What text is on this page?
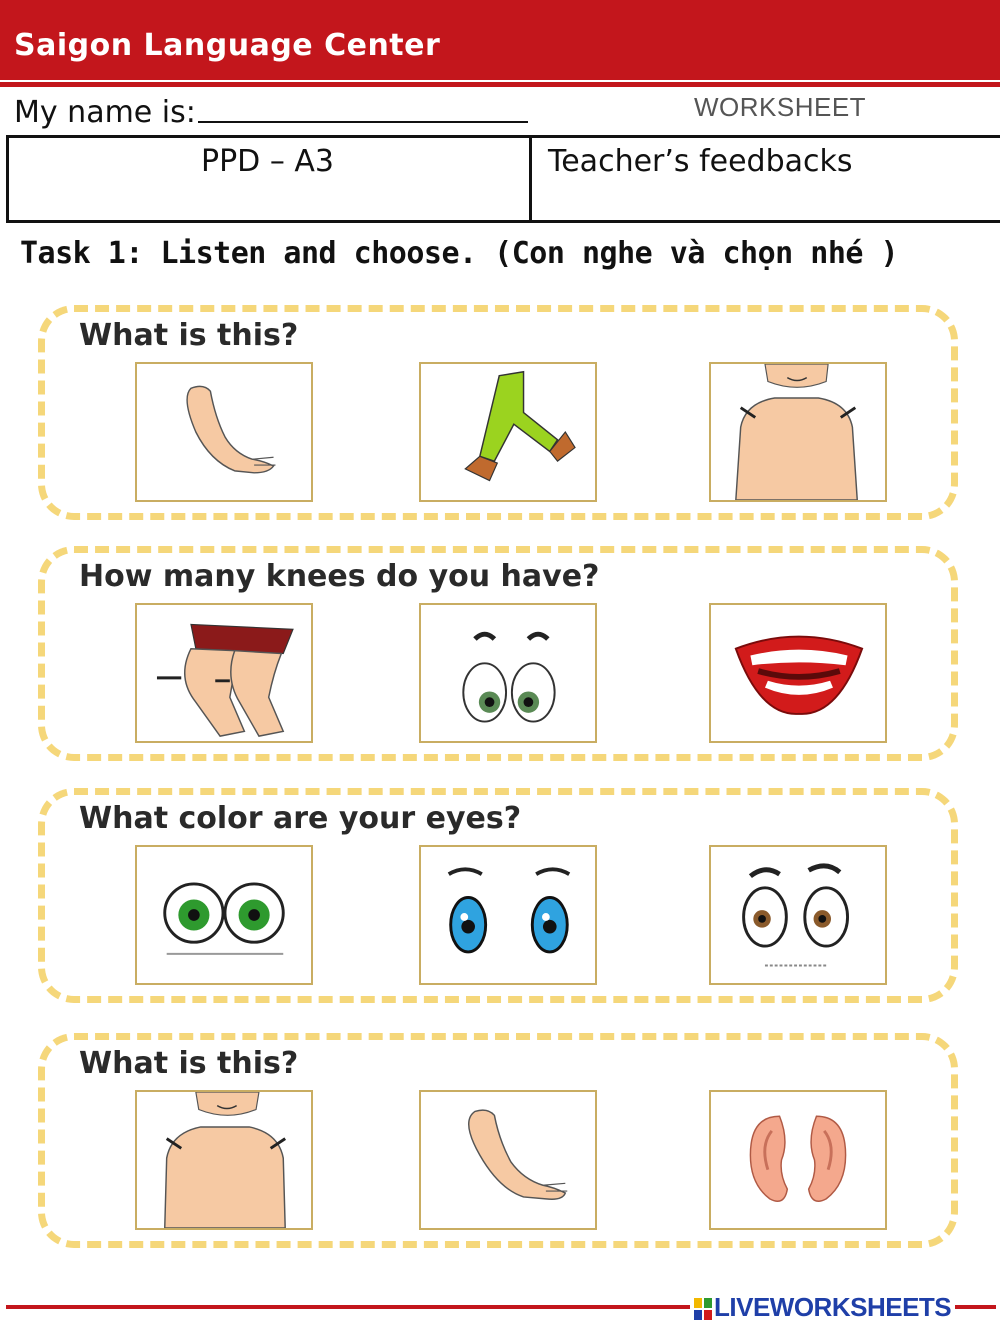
Saigon Language Center
My name is:	WORKSHEET
PPD – A3	Teacher’s feedbacks
Task 1: Listen and choose. (Con nghe và chọn nhé )
What is this?
How many knees do you have?
What color are your eyes?
What is this?
LIVEWORKSHEETS
